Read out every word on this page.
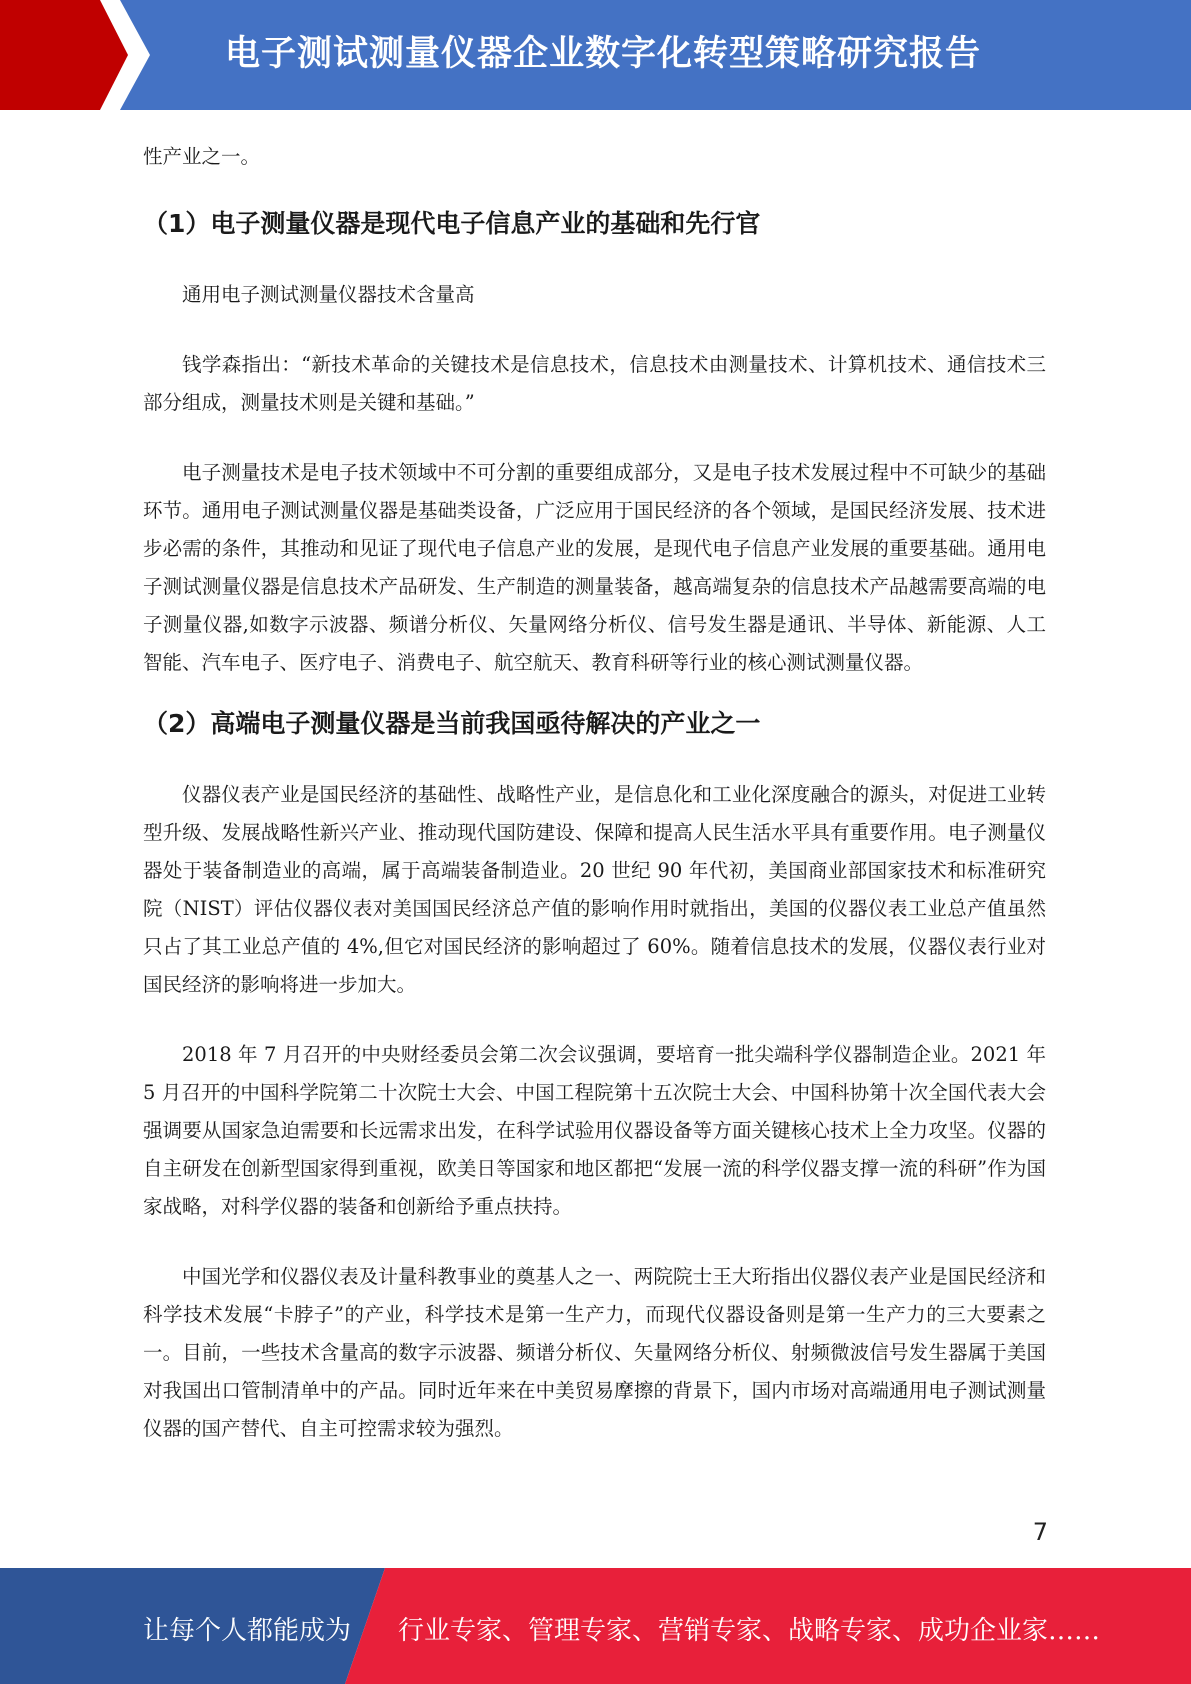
电子测试测量仪器企业数字化转型策略研究报告

性产业之一。

（1）电子测量仪器是现代电子信息产业的基础和先行官

通用电子测试测量仪器技术含量高

钱学森指出：“新技术革命的关键技术是信息技术，信息技术由测量技术、计算机技术、通信技术三部分组成，测量技术则是关键和基础。”

电子测量技术是电子技术领域中不可分割的重要组成部分，又是电子技术发展过程中不可缺少的基础环节。通用电子测试测量仪器是基础类设备，广泛应用于国民经济的各个领域，是国民经济发展、技术进步必需的条件，其推动和见证了现代电子信息产业的发展，是现代电子信息产业发展的重要基础。通用电子测试测量仪器是信息技术产品研发、生产制造的测量装备，越高端复杂的信息技术产品越需要高端的电子测量仪器,如数字示波器、频谱分析仪、矢量网络分析仪、信号发生器是通讯、半导体、新能源、人工智能、汽车电子、医疗电子、消费电子、航空航天、教育科研等行业的核心测试测量仪器。

（2）高端电子测量仪器是当前我国亟待解决的产业之一

仪器仪表产业是国民经济的基础性、战略性产业，是信息化和工业化深度融合的源头，对促进工业转型升级、发展战略性新兴产业、推动现代国防建设、保障和提高人民生活水平具有重要作用。电子测量仪器处于装备制造业的高端，属于高端装备制造业。20 世纪 90 年代初，美国商业部国家技术和标准研究院（NIST）评估仪器仪表对美国国民经济总产值的影响作用时就指出，美国的仪器仪表工业总产值虽然只占了其工业总产值的 4%,但它对国民经济的影响超过了 60%。随着信息技术的发展，仪器仪表行业对国民经济的影响将进一步加大。

2018 年 7 月召开的中央财经委员会第二次会议强调，要培育一批尖端科学仪器制造企业。2021 年 5 月召开的中国科学院第二十次院士大会、中国工程院第十五次院士大会、中国科协第十次全国代表大会强调要从国家急迫需要和长远需求出发，在科学试验用仪器设备等方面关键核心技术上全力攻坚。仪器的自主研发在创新型国家得到重视，欧美日等国家和地区都把“发展一流的科学仪器支撑一流的科研”作为国家战略，对科学仪器的装备和创新给予重点扶持。

中国光学和仪器仪表及计量科教事业的奠基人之一、两院院士王大珩指出仪器仪表产业是国民经济和科学技术发展“卡脖子”的产业，科学技术是第一生产力，而现代仪器设备则是第一生产力的三大要素之一。目前，一些技术含量高的数字示波器、频谱分析仪、矢量网络分析仪、射频微波信号发生器属于美国对我国出口管制清单中的产品。同时近年来在中美贸易摩擦的背景下，国内市场对高端通用电子测试测量仪器的国产替代、自主可控需求较为强烈。

7
让每个人都能成为 行业专家、管理专家、营销专家、战略专家、成功企业家……
